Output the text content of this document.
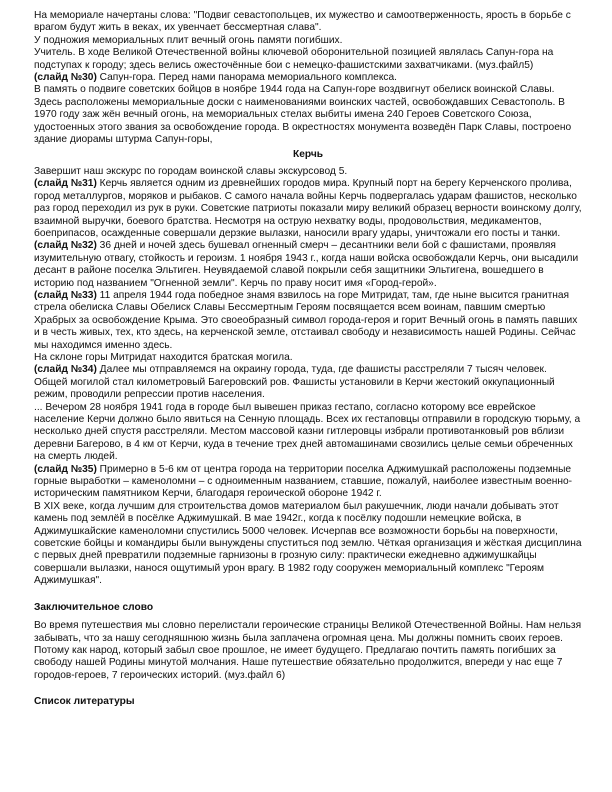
На мемориале начертаны слова: "Подвиг севастопольцев, их мужество и самоотверженность, ярость в борьбе с врагом будут жить в веках, их увенчает бессмертная слава".

У подножия мемориальных плит вечный огонь памяти погибших.

Учитель. В ходе Великой Отечественной войны ключевой оборонительной позицией являлась Сапун-гора на подступах к городу; здесь велись ожесточённые бои с немецко-фашистскими захватчиками. (муз.файл5)

(слайд №30) Сапун-гора. Перед нами панорама мемориального комплекса.

В память о подвиге советских бойцов в ноябре 1944 года на Сапун-горе воздвигнут обелиск воинской Славы. Здесь расположены мемориальные доски с наименованиями воинских частей, освобождавших Севастополь. В 1970 году заж жён вечный огонь, на мемориальных стелах выбиты имена 240 Героев Советского Союза, удостоенных этого звания за освобождение города. В окрестностях монумента возведён Парк Славы, построено здание диорамы штурма Сапун-горы,

Керчь

Завершит наш экскурс по городам воинской славы экскурсовод 5.

(слайд №31) Керчь является одним из древнейших городов мира. Крупный порт на берегу Керченского пролива, город металлургов, моряков и рыбаков. С самого начала войны Керчь подвергалась ударам фашистов, несколько раз город переходил из рук в руки. Советские патриоты показали миру великий образец верности воинскому долгу, взаимной выручки, боевого братства. Несмотря на острую нехватку воды, продовольствия, медикаментов, боеприпасов, осажденные совершали дерзкие вылазки, наносили врагу удары, уничтожали его посты и танки.

(слайд №32) 36 дней и ночей здесь бушевал огненный смерч – десантники вели бой с фашистами, проявляя изумительную отвагу, стойкость и героизм. 1 ноября 1943 г., когда наши войска освобождали Керчь, они высадили десант в районе поселка Эльтиген. Неувядаемой славой покрыли себя защитники Эльтигена, вошедшего в историю под названием "Огненной земли". Керчь по праву носит имя «Город-герой».

(слайд №33) 11 апреля 1944 года победное знамя взвилось на горе Митридат, там, где ныне высится гранитная стрела обелиска Славы Обелиск Славы Бессмертным Героям посвящается всем воинам, павшим смертью Храбрых за освобождение Крыма. Это своеобразный символ города-героя и горит Вечный огонь в память павших и в честь живых, тех, кто здесь, на керченской земле, отстаивал свободу и независимость нашей Родины. Сейчас мы находимся именно здесь.

На склоне горы Митридат находится братская могила.

(слайд №34) Далее мы отправляемся на окраину города, туда, где фашисты расстреляли 7 тысяч человек. Общей могилой стал километровый Багеровский ров. Фашисты установили в Керчи жестокий оккупационный режим, проводили репрессии против населения.

... Вечером 28 ноября 1941 года в городе был вывешен приказ гестапо, согласно которому все еврейское население Керчи должно было явиться на Сенную площадь. Всех их гестаповцы отправили в городскую тюрьму, а несколько дней спустя расстреляли. Местом массовой казни гитлеровцы избрали противотанковый ров вблизи деревни Багерово, в 4 км от Керчи, куда в течение трех дней автомашинами свозились целые семьи обреченных на смерть людей.

(слайд №35) Примерно в 5-6 км от центра города на территории поселка Аджимушкай расположены подземные горные выработки – каменоломни – с одноименным названием, ставшие, пожалуй, наиболее известным военно-историческим памятником Керчи, благодаря героической обороне 1942 г.

В XIX веке, когда лучшим для строительства домов материалом был ракушечник, люди начали добывать этот камень под землёй в посёлке Аджимушкай. В мае 1942г., когда к посёлку подошли немецкие войска, в Аджимушкайские каменоломни спустились 5000 человек. Исчерпав все возможности борьбы на поверхности, советские бойцы и командиры были вынуждены спуститься под землю. Чёткая организация и жёсткая дисциплина с первых дней превратили подземные гарнизоны в грозную силу: практически ежедневно аджимушкайцы совершали вылазки, нанося ощутимый урон врагу. В 1982 году сооружен мемориальный комплекс "Героям Аджимушкая".

Заключительное слово

Во время путешествия мы словно перелистали героические страницы Великой Отечественной Войны. Нам нельзя забывать, что за нашу сегодняшнюю жизнь была заплачена огромная цена. Мы должны помнить своих героев. Потому как народ, который забыл свое прошлое, не имеет будущего. Предлагаю почтить память погибших за свободу нашей Родины минутой молчания. Наше путешествие обязательно продолжится, впереди у нас еще 7 городов-героев, 7 героических историй. (муз.файл 6)

Список литературы
